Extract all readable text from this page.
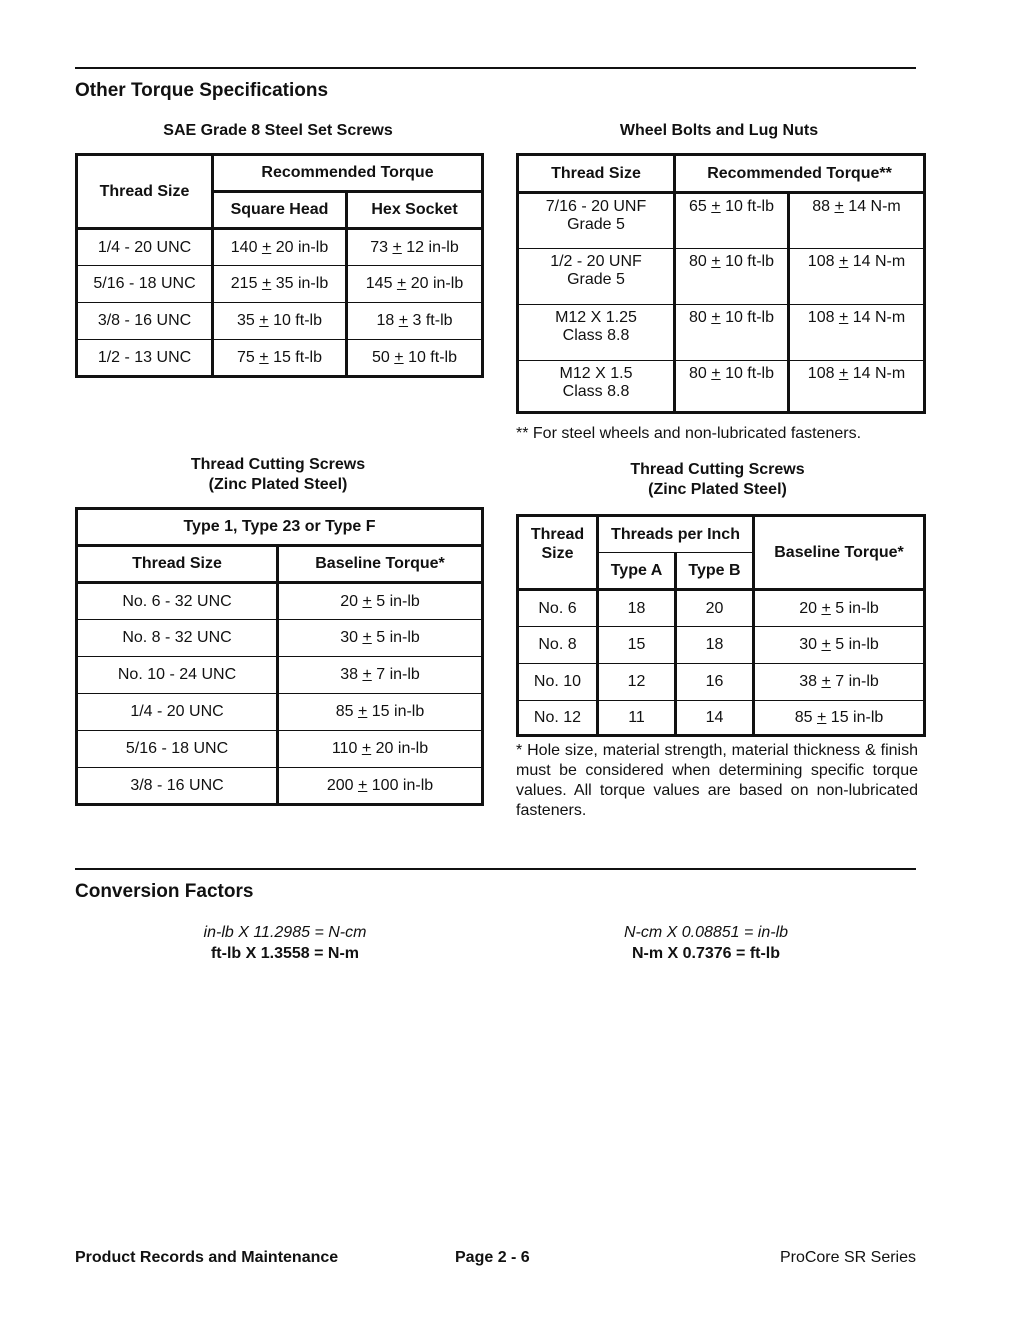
Other Torque Specifications
SAE Grade 8 Steel Set Screws
Thread Size	Recommended Torque	
	Square Head	Hex Socket
1/4 - 20 UNC	140 + 20 in-lb	73 + 12 in-lb
5/16 - 18 UNC	215 + 35 in-lb	145 + 20 in-lb
3/8 - 16 UNC	35 + 10 ft-lb	18 + 3 ft-lb
1/2 - 13 UNC	75 + 15 ft-lb	50 + 10 ft-lb
Wheel Bolts and Lug Nuts
Thread Size	Recommended Torque**	

7/16 - 20 UNF
Grade 5	65 + 10 ft-lb	88 + 14 N-m

1/2 - 20 UNF
Grade 5	80 + 10 ft-lb	108 + 14 N-m

M12 X 1.25
Class 8.8	80 + 10 ft-lb	108 + 14 N-m

M12 X 1.5
Class 8.8	80 + 10 ft-lb	108 + 14 N-m
** For steel wheels and non-lubricated fasteners.
Thread Cutting Screws
(Zinc Plated Steel)
Type 1, Type 23 or Type F	
Thread Size	Baseline Torque*
No. 6 - 32 UNC	20 + 5 in-lb
No. 8 - 32 UNC	30 + 5 in-lb
No. 10 - 24 UNC	38 + 7 in-lb
1/4 - 20 UNC	85 + 15 in-lb
5/16 - 18 UNC	110 + 20 in-lb
3/8 - 16 UNC	200 + 100 in-lb
Thread Cutting Screws
(Zinc Plated Steel)
Thread
Size	Threads per Inch		Baseline Torque*
	Type A	Type B	
No. 6	18	20	20 + 5 in-lb
No. 8	15	18	30 + 5 in-lb
No. 10	12	16	38 + 7 in-lb
No. 12	11	14	85 + 15 in-lb
* Hole size, material strength, material thickness & finish must be considered when determining specific torque values. All torque values are based on non-lubricated fasteners.
Conversion Factors
in-lb X 11.2985 = N-cm
ft-lb X 1.3558 = N-m
N-cm X 0.08851 = in-lb
N-m X 0.7376 = ft-lb
Product Records and Maintenance	Page 2 - 6	ProCore SR Series
